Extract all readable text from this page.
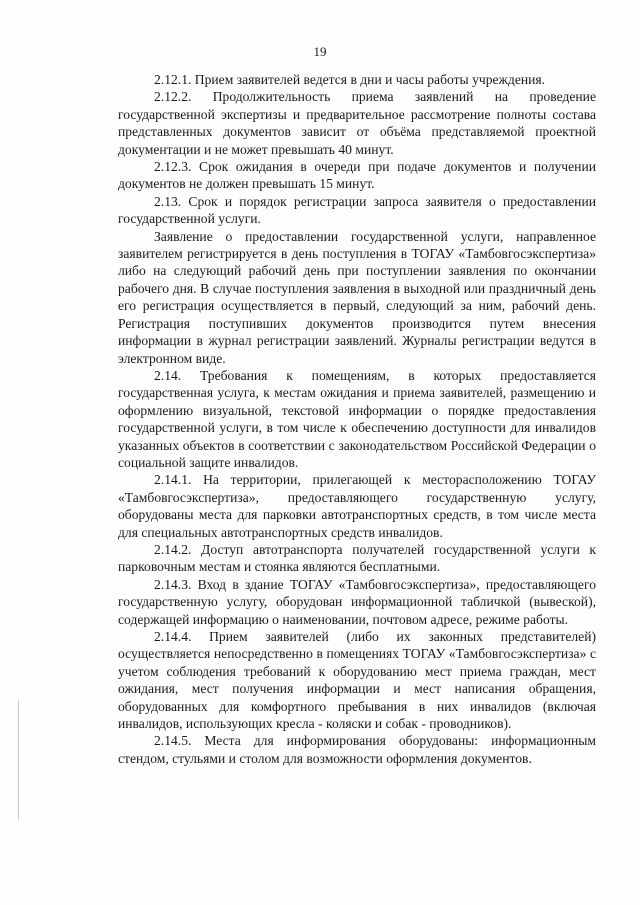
19

2.12.1. Прием заявителей ведется в дни и часы работы учреждения.

2.12.2. Продолжительность приема заявлений на проведение государственной экспертизы и предварительное рассмотрение полноты состава представленных документов зависит от объёма представляемой проектной документации и не может превышать 40 минут.

2.12.3. Срок ожидания в очереди при подаче документов и получении документов не должен превышать 15 минут.

2.13. Срок и порядок регистрации запроса заявителя о предоставлении государственной услуги.

Заявление о предоставлении государственной услуги, направленное заявителем регистрируется в день поступления в ТОГАУ «Тамбовгосэкспертиза» либо на следующий рабочий день при поступлении заявления по окончании рабочего дня. В случае поступления заявления в выходной или праздничный день его регистрация осуществляется в первый, следующий за ним, рабочий день. Регистрация поступивших документов производится путем внесения информации в журнал регистрации заявлений. Журналы регистрации ведутся в электронном виде.

2.14. Требования к помещениям, в которых предоставляется государственная услуга, к местам ожидания и приема заявителей, размещению и оформлению визуальной, текстовой информации о порядке предоставления государственной услуги, в том числе к обеспечению доступности для инвалидов указанных объектов в соответствии с законодательством Российской Федерации о социальной защите инвалидов.

2.14.1. На территории, прилегающей к месторасположению ТОГАУ «Тамбовгосэкспертиза», предоставляющего государственную услугу, оборудованы места для парковки автотранспортных средств, в том числе места для специальных автотранспортных средств инвалидов.

2.14.2. Доступ автотранспорта получателей государственной услуги к парковочным местам и стоянка являются бесплатными.

2.14.3. Вход в здание ТОГАУ «Тамбовгосэкспертиза», предоставляющего государственную услугу, оборудован информационной табличкой (вывеской), содержащей информацию о наименовании, почтовом адресе, режиме работы.

2.14.4. Прием заявителей (либо их законных представителей) осуществляется непосредственно в помещениях ТОГАУ «Тамбовгосэкспертиза» с учетом соблюдения требований к оборудованию мест приема граждан, мест ожидания, мест получения информации и мест написания обращения, оборудованных для комфортного пребывания в них инвалидов (включая инвалидов, использующих кресла - коляски и собак - проводников).

2.14.5. Места для информирования оборудованы: информационным стендом, стульями и столом для возможности оформления документов.
